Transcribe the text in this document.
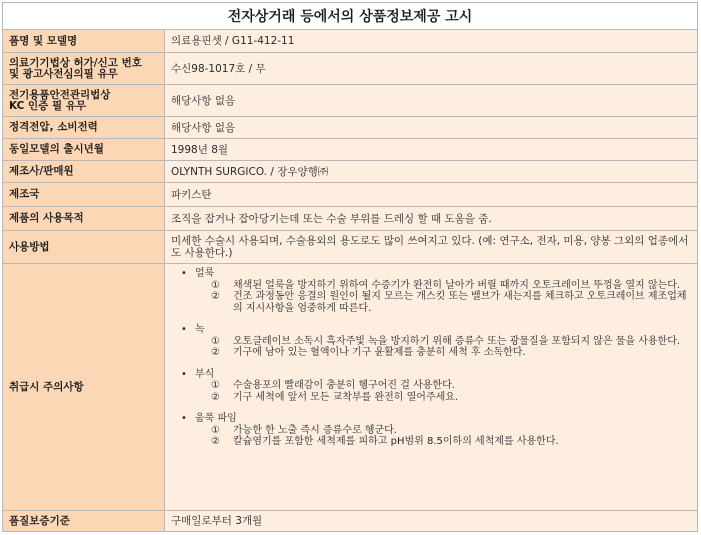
전자상거래 등에서의 상품정보제공 고시
품명 및 모델명	의료용핀셋 / G11-412-11
의료기기법상 허가/신고 번호
및 광고사전심의필 유무	수신98-1017호 / 무
전기용품안전관리법상
KC 인증 필 유무	해당사항 없음
정격전압, 소비전력	해당사항 없음
동일모델의 출시년월	1998년 8월
제조사/판매원	OLYNTH SURGICO. / 장우양행㈜
제조국	파키스탄
제품의 사용목적	조직을 잡거나 잡아당기는데 또는 수술 부위를 드레싱 할 때 도움을 줌.
사용방법	미세한 수술시 사용되며, 수술용외의 용도로도 많이 쓰여지고 있다. (예: 연구소, 전자, 미용, 양봉 그외의 업종에서도 사용한다.)
취급시 주의사항
• 얼룩
①	채색된 얼룩을 방지하기 위하여 수증기가 완전히 날아가 버릴 때까지 오토크레이브 뚜껑을 열지 않는다.
②	건조 과정동안 응결의 원인이 될지 모르는 개스킷 또는 밸브가 새는지를 체크하고 오토크레이브 제조업체의 지시사항을 엄중하게 따른다.
• 녹
①	오토클레이브 소독시 흑자주빛 녹을 방지하기 위해 증류수 또는 광물질을 포함되지 않은 물을 사용한다.
②	기구에 남아 있는 혈액이나 기구 윤활제를 충분히 세척 후 소독한다.
• 부식
①	수술용포의 빨래감이 충분히 헹구어진 걸 사용한다.
②	기구 세척에 앞서 모든 교착부를 완전히 열어주세요.
• 움푹 파임
①	가능한 한 노출 즉시 증류수로 헹군다.
②	칼슘염기를 포함한 세척제를 피하고 pH범위 8.5이하의 세척제를 사용한다.
품질보증기준	구매일로부터 3개월
